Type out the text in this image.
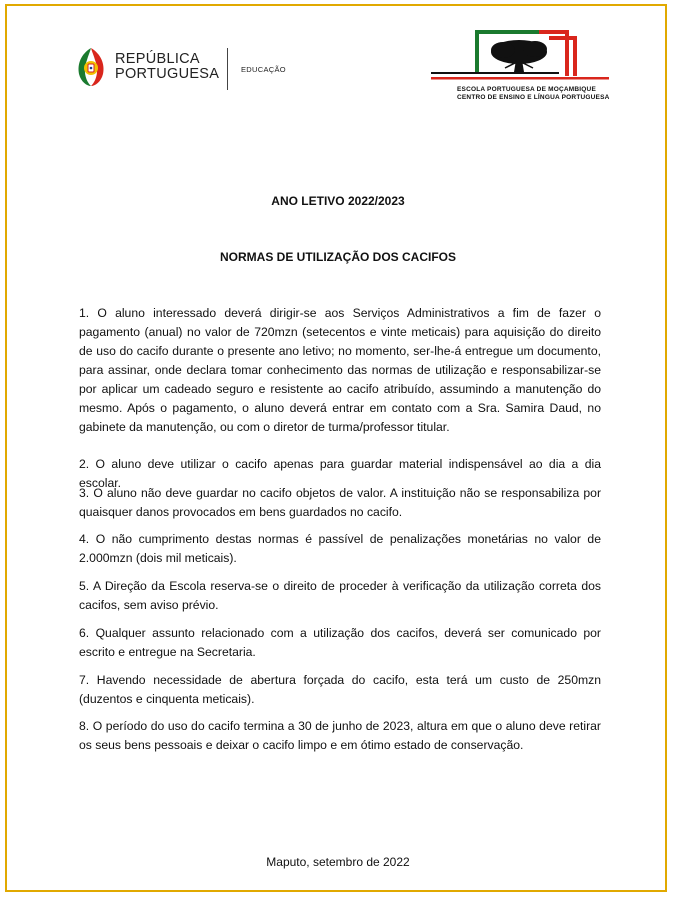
REPÚBLICA
PORTUGUESA	EDUCAÇÃO
ESCOLA PORTUGUESA DE MOÇAMBIQUE
CENTRO DE ENSINO E LÍNGUA PORTUGUESA
ANO LETIVO 2022/2023
NORMAS DE UTILIZAÇÃO DOS CACIFOS

1. O aluno interessado deverá dirigir-se aos Serviços Administrativos a fim de fazer o pagamento (anual) no valor de 720mzn (setecentos e vinte meticais) para aquisição do direito de uso do cacifo durante o presente ano letivo; no momento, ser-lhe-á entregue um documento, para assinar, onde declara tomar conhecimento das normas de utilização e responsabilizar-se por aplicar um cadeado seguro e resistente ao cacifo atribuído, assumindo a manutenção do mesmo. Após o pagamento, o aluno deverá entrar em contato com a Sra. Samira Daud, no gabinete da manutenção, ou com o diretor de turma/professor titular.

2. O aluno deve utilizar o cacifo apenas para guardar material indispensável ao dia a dia escolar.

3. O aluno não deve guardar no cacifo objetos de valor. A instituição não se responsabiliza por quaisquer danos provocados em bens guardados no cacifo.

4. O não cumprimento destas normas é passível de penalizações monetárias no valor de 2.000mzn (dois mil meticais).

5. A Direção da Escola reserva-se o direito de proceder à verificação da utilização correta dos cacifos, sem aviso prévio.

6. Qualquer assunto relacionado com a utilização dos cacifos, deverá ser comunicado por escrito e entregue na Secretaria.

7. Havendo necessidade de abertura forçada do cacifo, esta terá um custo de 250mzn (duzentos e cinquenta meticais).

8. O período do uso do cacifo termina a 30 de junho de 2023, altura em que o aluno deve retirar os seus bens pessoais e deixar o cacifo limpo e em ótimo estado de conservação.

Maputo, setembro de 2022
